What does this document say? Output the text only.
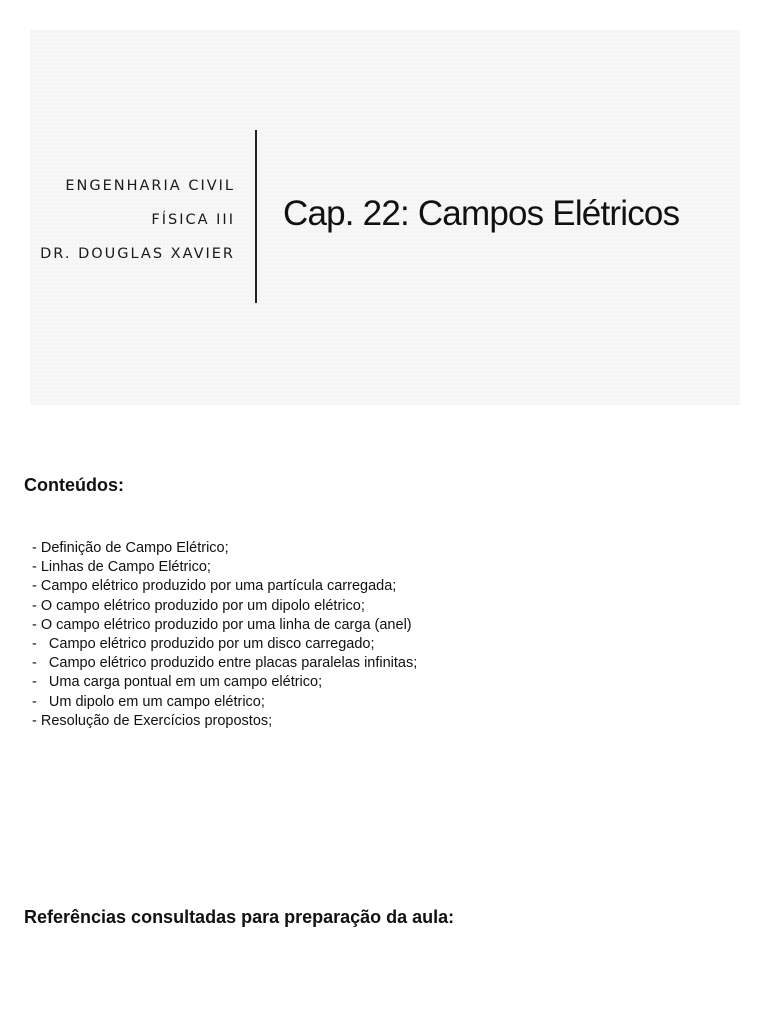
ENGENHARIA CIVIL
FÍSICA III
DR. DOUGLAS XAVIER
Cap. 22: Campos Elétricos
Conteúdos:
- Definição de Campo Elétrico;
- Linhas de Campo Elétrico;
- Campo elétrico produzido por uma partícula carregada;
- O campo elétrico produzido por um dipolo elétrico;
- O campo elétrico produzido por uma linha de carga (anel)
-   Campo elétrico produzido por um disco carregado;
-   Campo elétrico produzido entre placas paralelas infinitas;
-   Uma carga pontual em um campo elétrico;
-   Um dipolo em um campo elétrico;
- Resolução de Exercícios propostos;
Referências consultadas para preparação da aula:
